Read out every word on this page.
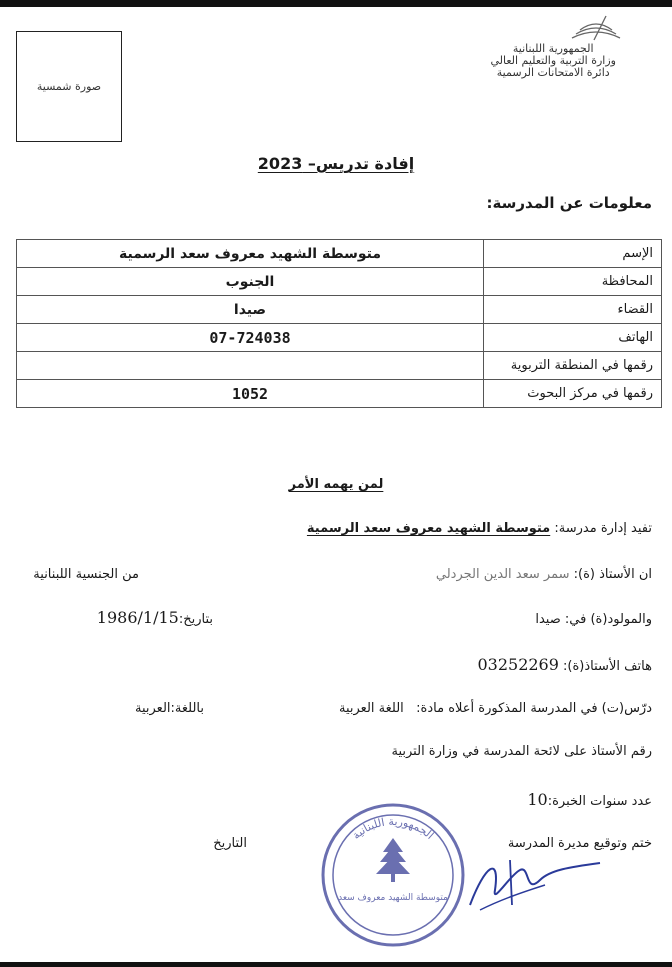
الجمهورية اللبنانية
وزارة التربية والتعليم العالي
دائرة الامتحانات الرسمية
صورة شمسية
إفادة تدريس– 2023
معلومات عن المدرسة:
الإسم	متوسطة الشهيد معروف سعد الرسمية
المحافظة	الجنوب
القضاء	صيدا
الهاتف	07-724038
رقمها في المنطقة التربوية	
رقمها في مركز البحوث	1052
لمن يهمه الأمر
تفيد إدارة مدرسة: متوسطة الشهيد معروف سعد الرسمية
ان الأستاذ (ة): سمر سعد الدين الجردلي
من الجنسية اللبنانية
والمولود(ة) في: صيدا
بتاريخ:1986/1/15
هاتف الأستاذ(ة): 03252269
درّس(ت) في المدرسة المذكورة أعلاه مادة:   اللغة العربية
باللغة:العربية
رقم الأستاذ على لائحة المدرسة في وزارة التربية
عدد سنوات الخبرة:10
ختم وتوقيع مديرة المدرسة
التاريخ
الجمهورية اللبنانية
متوسطة الشهيد معروف سعد
